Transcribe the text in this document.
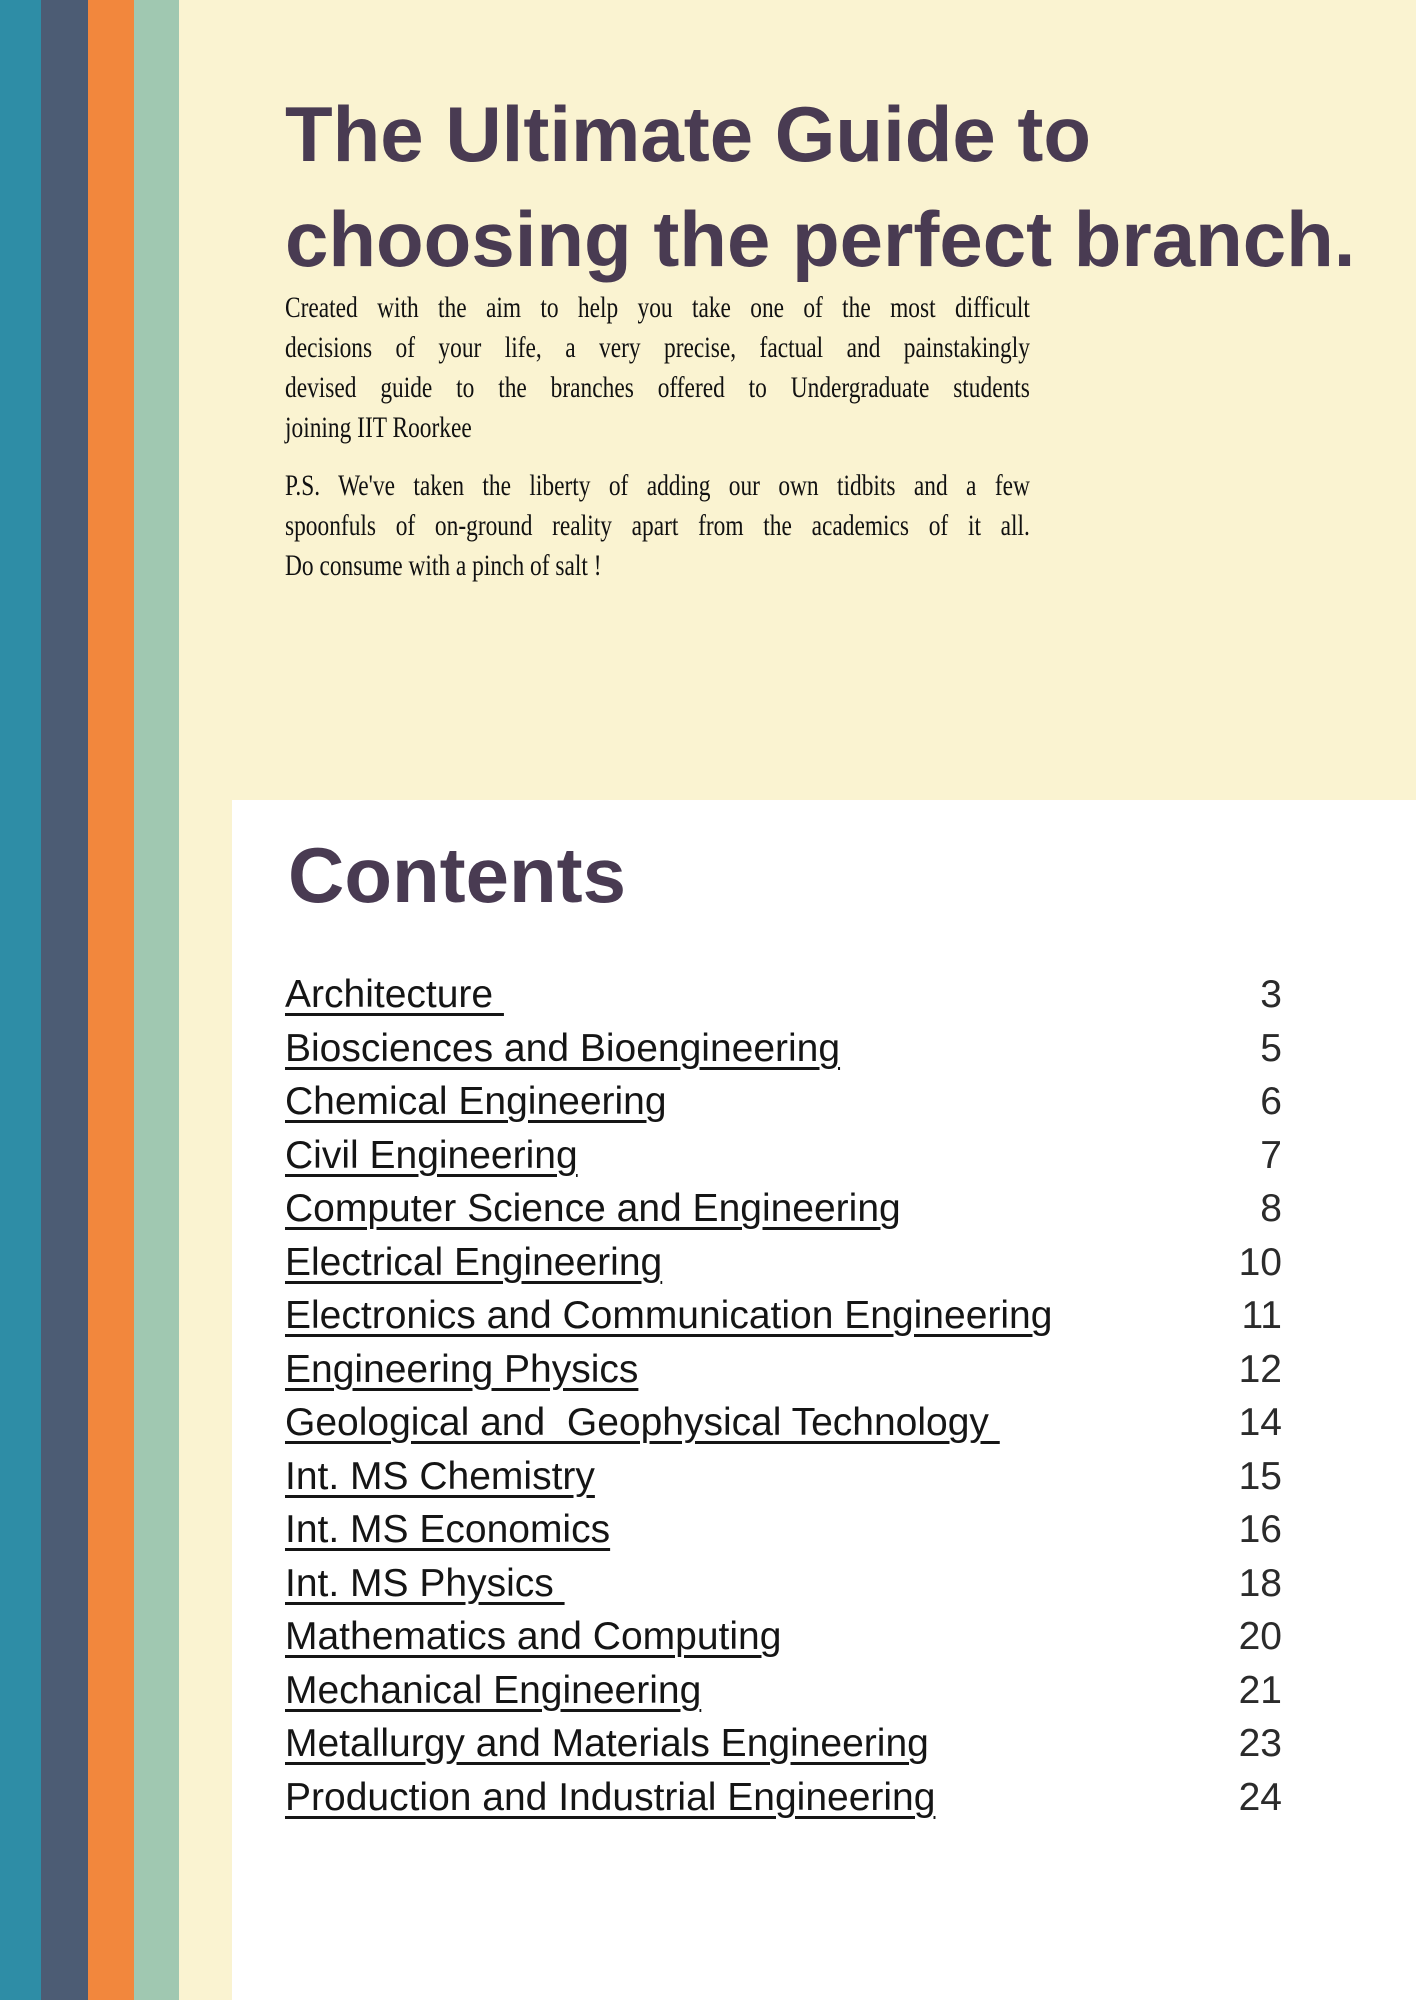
The Ultimate Guide to
choosing the perfect branch.
Created with the aim to help you take one of the most difficult
decisions of your life, a very precise, factual and painstakingly
devised guide to the branches offered to Undergraduate students
joining IIT Roorkee
P.S. We've taken the liberty of adding our own tidbits and a few
spoonfuls of on-ground reality apart from the academics of it all.
Do consume with a pinch of salt !
Contents
Architecture	3
Biosciences and Bioengineering	5
Chemical Engineering	6
Civil Engineering	7
Computer Science and Engineering	8
Electrical Engineering	10
Electronics and Communication Engineering	11
Engineering Physics	12
Geological and  Geophysical Technology	14
Int. MS Chemistry	15
Int. MS Economics	16
Int. MS Physics	18
Mathematics and Computing	20
Mechanical Engineering	21
Metallurgy and Materials Engineering	23
Production and Industrial Engineering	24
